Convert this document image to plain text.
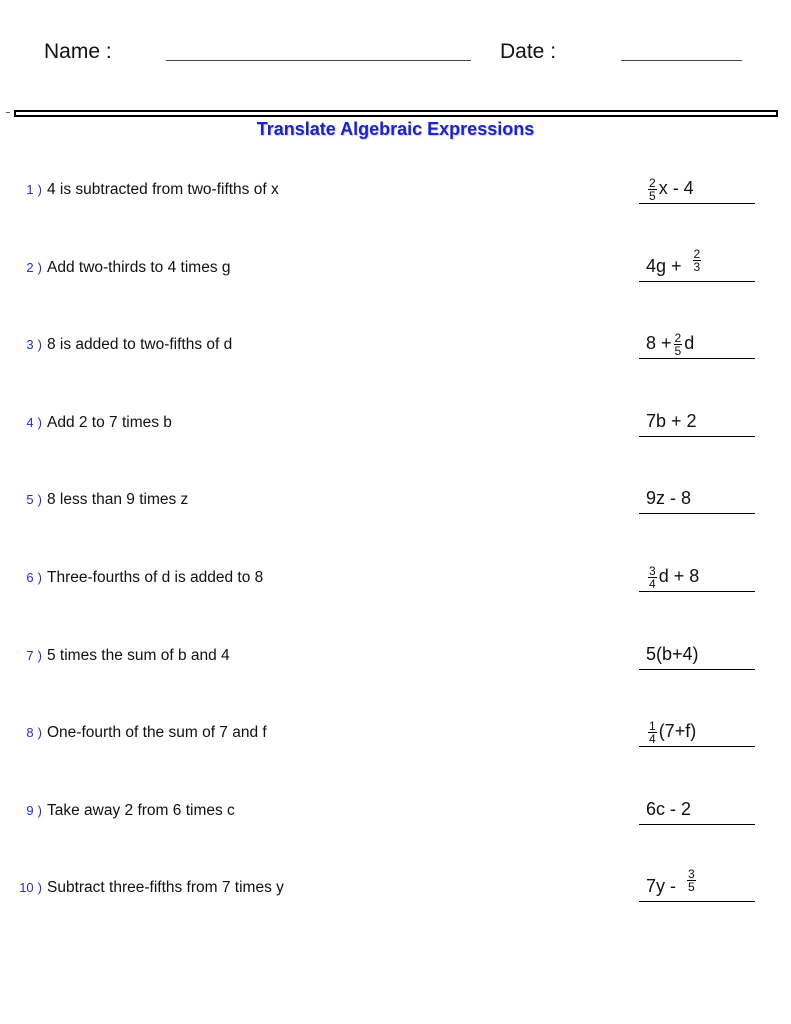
Name :	Date :
Translate Algebraic Expressions
1 ) 4 is subtracted from two-fifths of x	$\frac{2}{5}$ x - 4
2 ) Add two-thirds to 4 times g	$4g + \frac{2}{3}$
3 ) 8 is added to two-fifths of d	$8 + \frac{2}{5}$ d
4 ) Add 2 to 7 times b	7b + 2
5 ) 8 less than 9 times z	9z - 8
6 ) Three-fourths of d is added to 8	$\frac{3}{4}$ d + 8
7 ) 5 times the sum of b and 4	5(b+4)
8 ) One-fourth of the sum of 7 and f	$\frac{1}{4} (7+f)$
9 ) Take away 2 from 6 times c	6c - 2
10 ) Subtract three-fifths from 7 times y	$7y - \frac{3}{5}$
